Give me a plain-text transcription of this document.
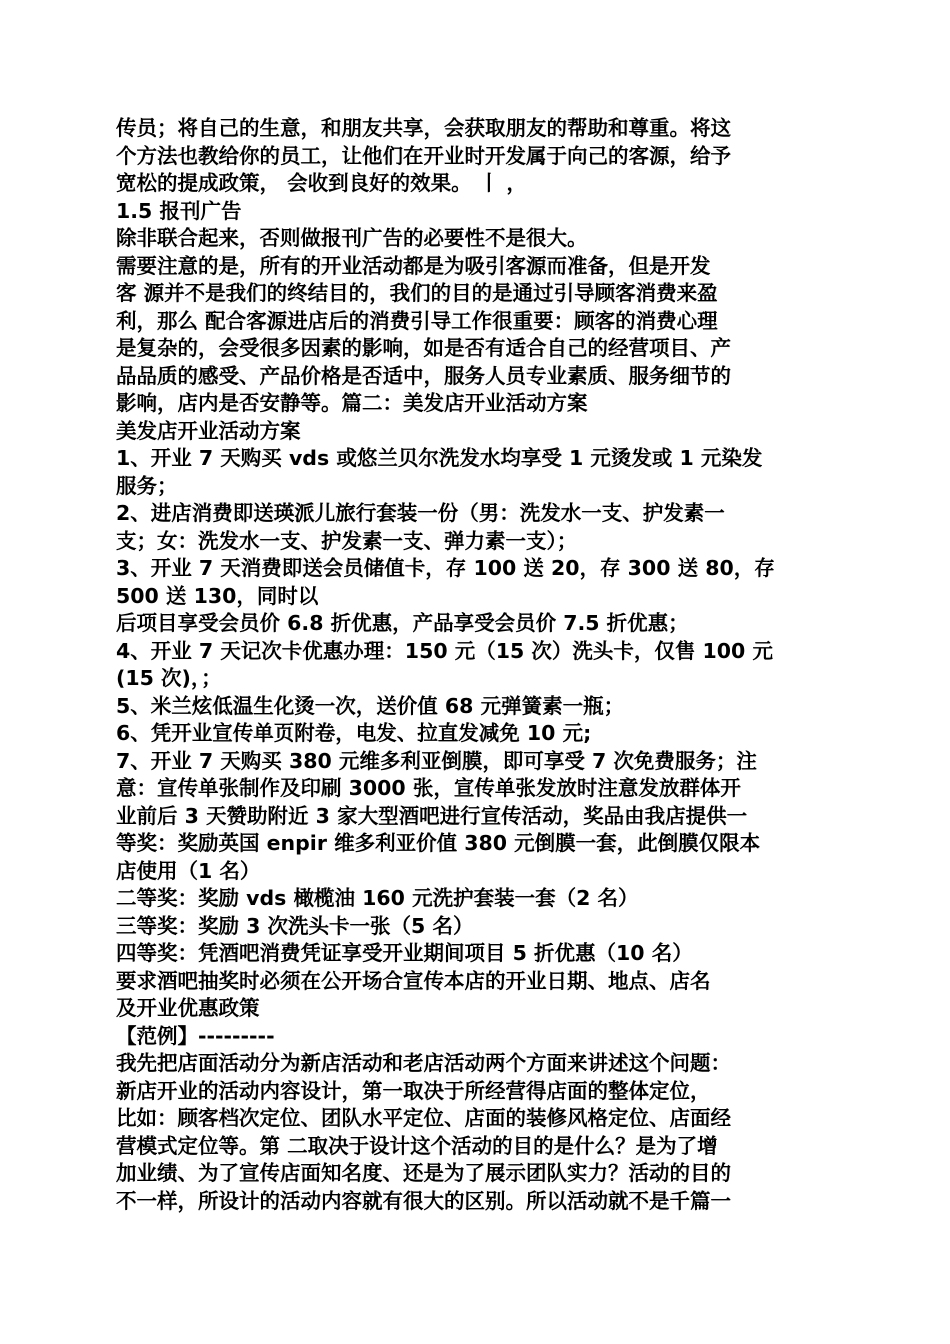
传员；将自己的生意，和朋友共享，会获取朋友的帮助和尊重。将这
个方法也教给你的员工，让他们在开业时开发属于向己的客源，给予
宽松的提成政策， 会收到良好的效果。 丨 ，
1.5 报刊广告
除非联合起来，否则做报刊广告的必要性不是很大。
需要注意的是，所有的开业活动都是为吸引客源而准备，但是开发
客 源并不是我们的终结目的，我们的目的是通过引导顾客消费来盈
利，那么 配合客源进店后的消费引导工作很重要：顾客的消费心理
是复杂的，会受很多因素的影响，如是否有适合自己的经营项目、产
品品质的感受、产品价格是否适中，服务人员专业素质、服务细节的
影响，店内是否安静等。篇二：美发店开业活动方案
美发店开业活动方案
1、开业 7 天购买 vds 或悠兰贝尔洗发水均享受 1 元烫发或 1 元染发
服务；
2、进店消费即送瑛派儿旅行套装一份（男：洗发水一支、护发素一
支；女：洗发水一支、护发素一支、弹力素一支）；
3、开业 7 天消费即送会员储值卡，存 100 送 20，存 300 送 80，存
500 送 130，同时以
后项目享受会员价 6.8 折优惠，产品享受会员价 7.5 折优惠；
4、开业 7 天记次卡优惠办理：150 元（15 次）洗头卡，仅售 100 元
(15 次)，；
5、米兰炫低温生化烫一次，送价值 68 元弹簧素一瓶；
6、凭开业宣传单页附卷，电发、拉直发减免 10 元;
7、开业 7 天购买 380 元维多利亚倒膜，即可享受 7 次免费服务；注
意：宣传单张制作及印刷 3000 张，宣传单张发放时注意发放群体开
业前后 3 天赞助附近 3 家大型酒吧进行宣传活动，奖品由我店提供一
等奖：奖励英国 enpir 维多利亚价值 380 元倒膜一套，此倒膜仅限本
店使用（1 名）
二等奖：奖励 vds 橄榄油 160 元洗护套装一套（2 名）
三等奖：奖励 3 次洗头卡一张（5 名）
四等奖：凭酒吧消费凭证享受开业期间项目 5 折优惠（10 名）
要求酒吧抽奖时必须在公开场合宣传本店的开业日期、地点、店名
及开业优惠政策
【范例】---------
我先把店面活动分为新店活动和老店活动两个方面来讲述这个问题：
新店开业的活动内容设计，第一取决于所经营得店面的整体定位，
比如：顾客档次定位、团队水平定位、店面的装修风格定位、店面经
营模式定位等。第 二取决于设计这个活动的目的是什么？是为了增
加业绩、为了宣传店面知名度、还是为了展示团队实力？活动的目的
不一样，所设计的活动内容就有很大的区别。所以活动就不是千篇一
